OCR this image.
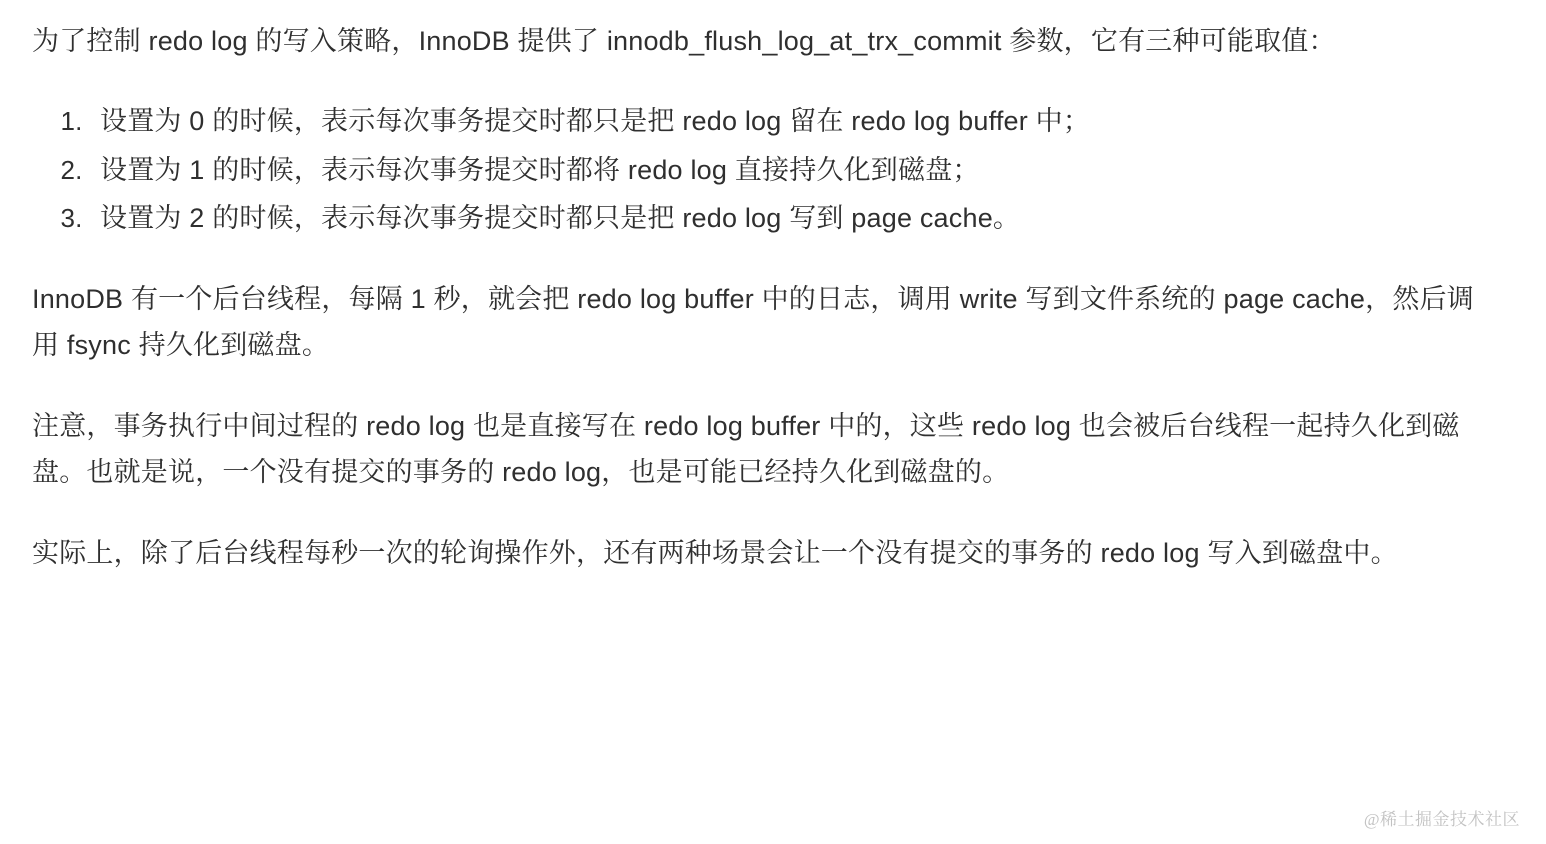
为了控制 redo log 的写入策略，InnoDB 提供了 innodb_flush_log_at_trx_commit 参数，它有三种可能取值：

1. 设置为 0 的时候，表示每次事务提交时都只是把 redo log 留在 redo log buffer 中；
2. 设置为 1 的时候，表示每次事务提交时都将 redo log 直接持久化到磁盘；
3. 设置为 2 的时候，表示每次事务提交时都只是把 redo log 写到 page cache。

InnoDB 有一个后台线程，每隔 1 秒，就会把 redo log buffer 中的日志，调用 write 写到文件系统的 page cache，然后调用 fsync 持久化到磁盘。

注意，事务执行中间过程的 redo log 也是直接写在 redo log buffer 中的，这些 redo log 也会被后台线程一起持久化到磁盘。也就是说，一个没有提交的事务的 redo log，也是可能已经持久化到磁盘的。

实际上，除了后台线程每秒一次的轮询操作外，还有两种场景会让一个没有提交的事务的 redo log 写入到磁盘中。

@稀土掘金技术社区
